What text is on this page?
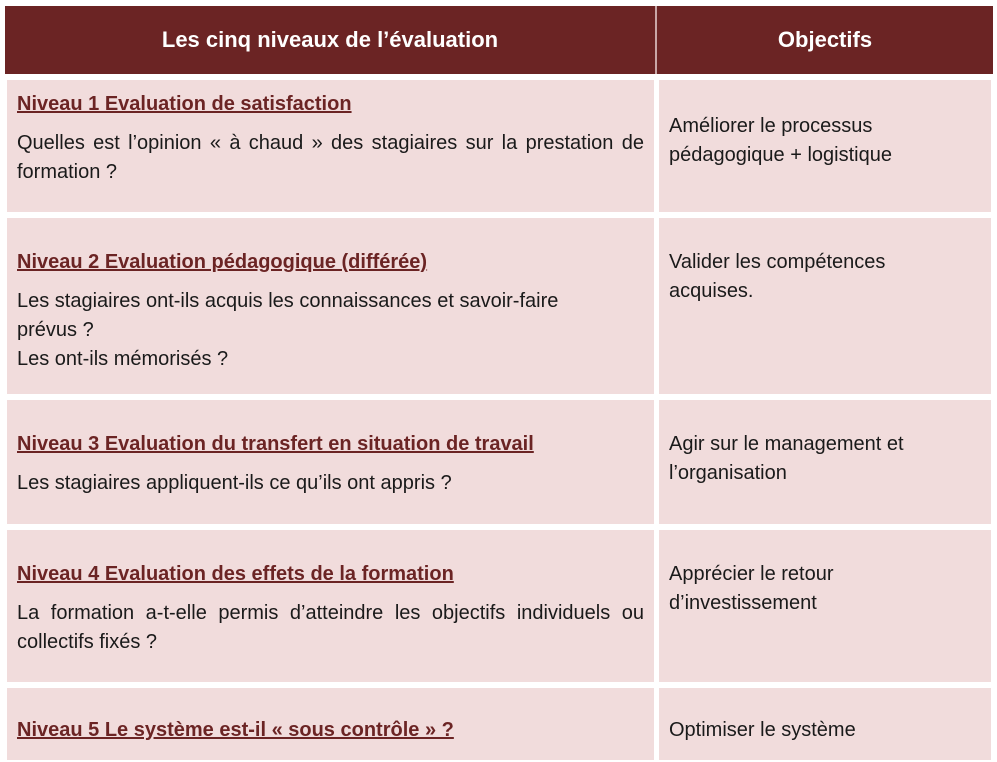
Les cinq niveaux de l’évaluation	Objectifs
Niveau 1 Evaluation de satisfaction
Quelles est l’opinion « à chaud » des stagiaires sur la prestation de formation ?
Améliorer le processus
pédagogique + logistique
Niveau 2 Evaluation pédagogique (différée)
Les stagiaires ont-ils acquis les connaissances et savoir-faire
prévus ?
Les ont-ils mémorisés ?
Valider les compétences
acquises.
Niveau 3 Evaluation du transfert en situation de travail
Les stagiaires appliquent-ils ce qu’ils ont appris ?
Agir sur le management et
l’organisation
Niveau 4 Evaluation des effets de la formation
La formation a-t-elle permis d’atteindre les objectifs individuels ou collectifs fixés ?
Apprécier le retour
d’investissement
Niveau 5 Le système est-il « sous contrôle » ?	Optimiser le système
